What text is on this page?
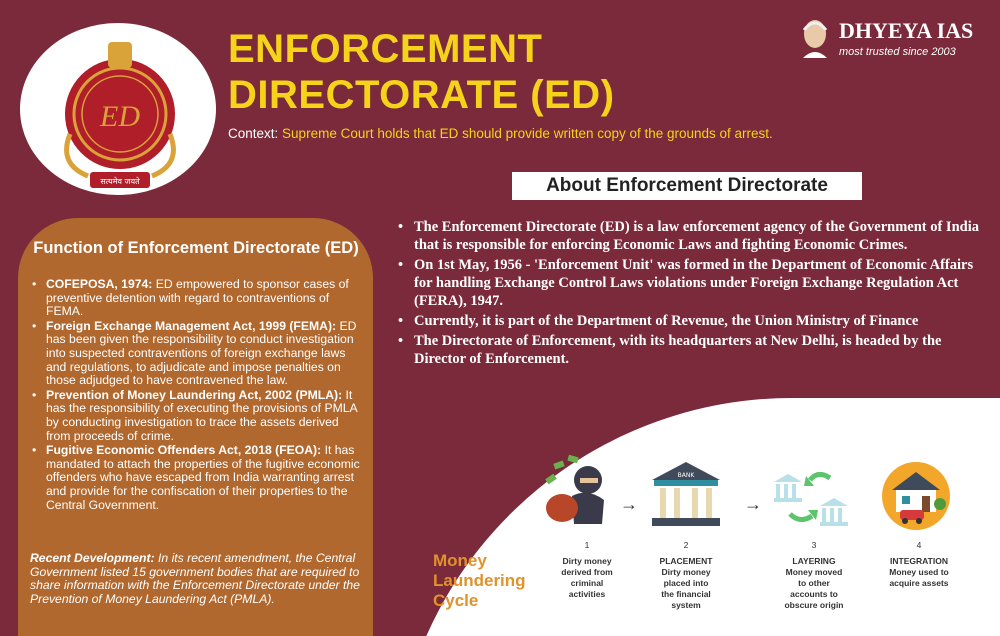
ED
सत्यमेव जयते
ENFORCEMENT
DIRECTORATE (ED)
Context: Supreme Court holds that ED should provide written copy of the grounds of arrest.
DHYEYA IAS
most trusted since 2003
About Enforcement Directorate
• The Enforcement Directorate (ED) is a law enforcement agency of the Government of India that is responsible for enforcing Economic Laws and fighting Economic Crimes.
• On 1st May, 1956 - 'Enforcement Unit' was formed in the Department of Economic Affairs for handling Exchange Control Laws violations under Foreign Exchange Regulation Act (FERA), 1947.
• Currently, it is part of the Department of Revenue, the Union Ministry of Finance
• The Directorate of Enforcement, with its headquarters at New Delhi, is headed by the Director of Enforcement.
Function of Enforcement Directorate (ED)
• COFEPOSA, 1974: ED empowered to sponsor cases of preventive detention with regard to contraventions of FEMA.
• Foreign Exchange Management Act, 1999 (FEMA): ED has been given the responsibility to conduct investigation into suspected contraventions of foreign exchange laws and regulations, to adjudicate and impose penalties on those adjudged to have contravened the law.
• Prevention of Money Laundering Act, 2002 (PMLA): It has the responsibility of executing the provisions of PMLA by conducting investigation to trace the assets derived from proceeds of crime.
• Fugitive Economic Offenders Act, 2018 (FEOA): It has mandated to attach the properties of the fugitive economic offenders who have escaped from India warranting arrest and provide for the confiscation of their properties to the Central Government.
Recent Development: In its recent amendment, the Central Government listed 15 government bodies that are required to share information with the Enforcement Directorate under the Prevention of Money Laundering Act (PMLA).
Money
Laundering
Cycle
→
BANK
→
1
Dirty money
derived from
criminal
activities
2
PLACEMENT
Dirty money
placed into
the financial
system
3
LAYERING
Money moved
to other
accounts to
obscure origin
4
INTEGRATION
Money used to
acquire assets
